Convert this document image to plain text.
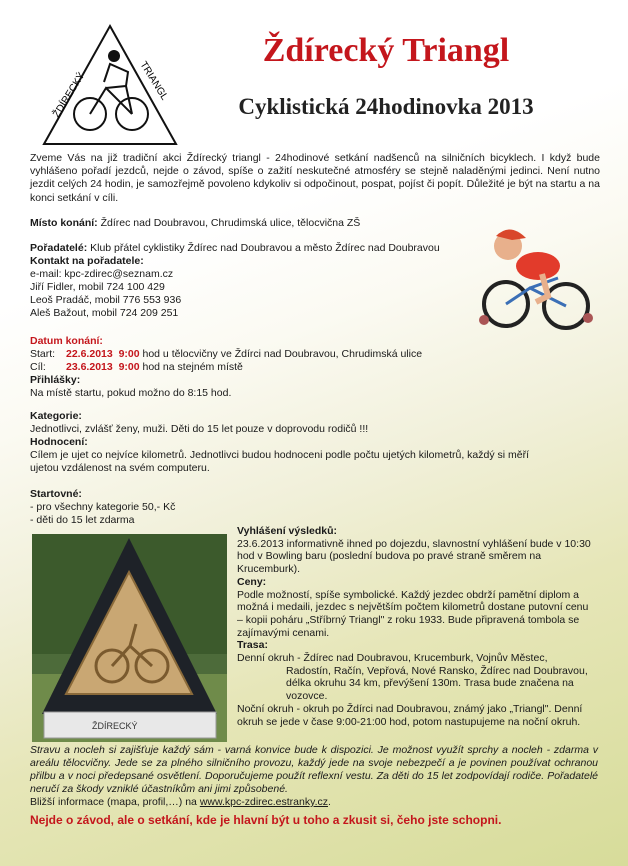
ŽDÍRECKÝ	TRIANGL
Ždírecký Triangl
Cyklistická 24hodinovka 2013

Zveme Vás na již tradiční akci Ždírecký triangl - 24hodinové setkání nadšenců na silničních bicyklech. I když bude vyhlášeno pořadí jezdců, nejde o závod, spíše o zažití neskutečné atmosféry se stejně naladěnými jedinci. Není nutno jezdit celých 24 hodin, je samozřejmě povoleno kdykoliv si odpočinout, pospat, pojíst či popít. Důležité je být na startu a na konci setkání v cíli.

Místo konání: Ždírec nad Doubravou, Chrudimská ulice, tělocvična ZŠ
Pořadatelé: Klub přátel cyklistiky Ždírec nad Doubravou a město Ždírec nad Doubravou
Kontakt na pořadatele:
e-mail: kpc-zdirec@seznam.cz
Jiří Fidler, mobil 724 100 429
Leoš Pradáč, mobil 776 553 936
Aleš Bažout, mobil 724 209 251
Datum konání:
Start: 22.6.2013 9:00 hod u tělocvičny ve Ždírci nad Doubravou, Chrudimská ulice
Cíl: 23.6.2013 9:00 hod na stejném místě
Přihlášky:
Na místě startu, pokud možno do 8:15 hod.
Kategorie:
Jednotlivci, zvlášť ženy, muži. Děti do 15 let pouze v doprovodu rodičů !!!
Hodnocení:
Cílem je ujet co nejvíce kilometrů. Jednotlivci budou hodnoceni podle počtu ujetých kilometrů, každý si měří ujetou vzdálenost na svém computeru.
Startovné:
- pro všechny kategorie 50,- Kč
- děti do 15 let zdarma
ŽDÍRECKÝ
Vyhlášení výsledků:
23.6.2013 informativně ihned po dojezdu, slavnostní vyhlášení bude v 10:30 hod v Bowling baru (poslední budova po pravé straně směrem na Krucemburk).
Ceny:
Podle možností, spíše symbolické. Každý jezdec obdrží pamětní diplom a možná i medaili, jezdec s největším počtem kilometrů dostane putovní cenu – kopii poháru „Stříbrný Triangl" z roku 1933. Bude připravená tombola se zajímavými cenami.
Trasa:
Denní okruh - Ždírec nad Doubravou, Krucemburk, Vojnův Městec,
Radostín, Račín, Vepřová, Nové Ransko, Ždírec nad Doubravou, délka okruhu 34 km, převýšení 130m. Trasa bude značena na vozovce.
Noční okruh - okruh po Ždírci nad Doubravou, známý jako „Triangl". Denní okruh se jede v čase 9:00-21:00 hod, potom nastupujeme na noční okruh.

Stravu a nocleh si zajišťuje každý sám - varná konvice bude k dispozici. Je možnost využít sprchy a nocleh - zdarma v areálu tělocvičny. Jede se za plného silničního provozu, každý jede na svoje nebezpečí a je povinen používat ochranou přilbu a v noci předepsané osvětlení. Doporučujeme použít reflexní vestu. Za děti do 15 let zodpovídají rodiče. Pořadatelé neručí za škody vzniklé účastníkům ani jimi způsobené.
Bližší informace (mapa, profil,…) na www.kpc-zdirec.estranky.cz.

Nejde o závod, ale o setkání, kde je hlavní být u toho a zkusit si, čeho jste schopni.
